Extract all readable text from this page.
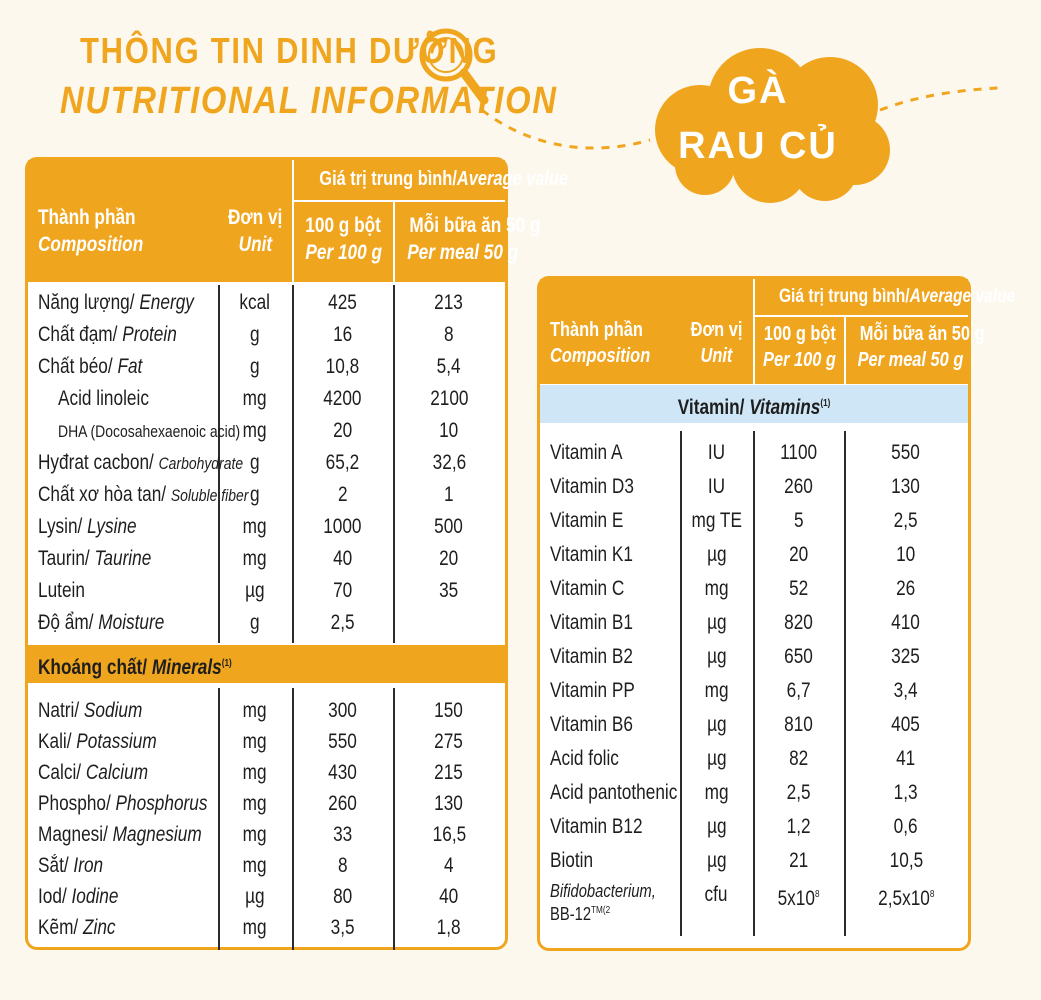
THÔNG TIN DINH DƯỠNG
NUTRITIONAL INFORMATION	GÀ
RAU CỦ
Giá trị trung bình/Average value
Thành phần
Composition
Đơn vị
Unit
100 g bột
Per 100 g
Mỗi bữa ăn 50 g
Per meal 50 g
Năng lượng/ Energy	kcal	425	213
Chất đạm/ Protein	g	16	8
Chất béo/ Fat	g	10,8	5,4
Acid linoleic	mg	4200	2100
DHA (Docosahexaenoic acid) mg	20	10
Hyđrat cacbon/ Carbohydrate g	65,2	32,6
Chất xơ hòa tan/ Soluble fiber g	2	1
Lysin/ Lysine	mg	1000	500
Taurin/ Taurine	mg	40	20
Lutein	µg	70	35
Độ ẩm/ Moisture	g	2,5
Khoáng chất/ Minerals$^{(1)}$
Natri/ Sodium	mg	300	150
Kali/ Potassium	mg	550	275
Calci/ Calcium	mg	430	215
Phospho/ Phosphorus	mg	260	130
Magnesi/ Magnesium	mg	33	16,5
Sắt/ Iron	mg	8	4
Iod/ Iodine	µg	80	40
Kẽm/ Zinc	mg	3,5	1,8
Giá trị trung bình/Average value
Thành phần
Composition
Đơn vị
Unit
100 g bột
Per 100 g
Mỗi bữa ăn 50 g
Per meal 50 g
Vitamin/ Vitamins$^{(1)}$
Vitamin A	IU	1100	550
Vitamin D3	IU	260	130
Vitamin E	mg TE	5	2,5
Vitamin K1	µg	20	10
Vitamin C	mg	52	26
Vitamin B1	µg	820	410
Vitamin B2	µg	650	325
Vitamin PP	mg	6,7	3,4
Vitamin B6	µg	810	405
Acid folic	µg	82	41
Acid pantothenic	mg	2,5	1,3
Vitamin B12	µg	1,2	0,6
Biotin	µg	21	10,5
Bifidobacterium,
$BB-12^{TM(2}$
cfu	$5x10^8$	$2,5x10^8$
